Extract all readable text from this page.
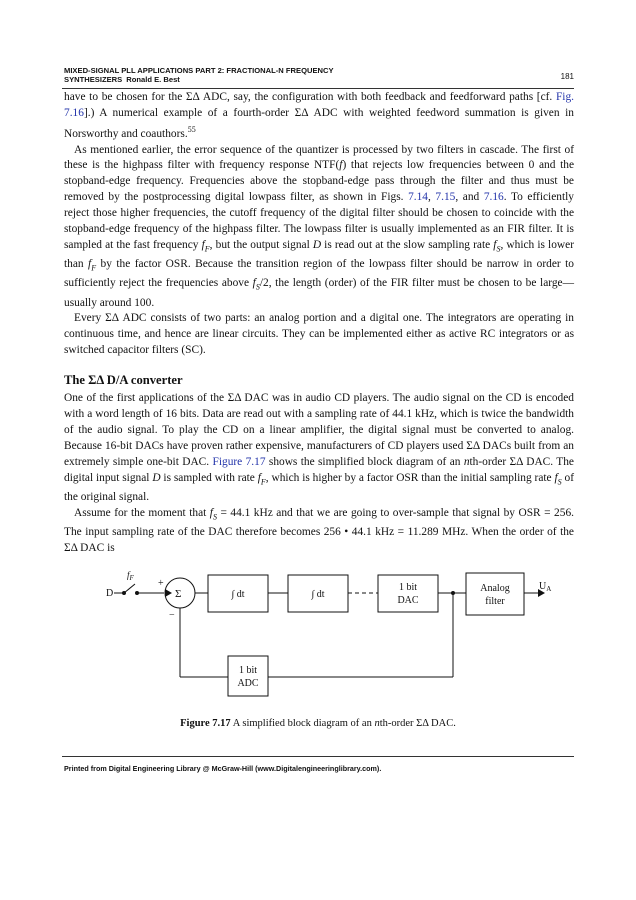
MIXED-SIGNAL PLL APPLICATIONS PART 2: FRACTIONAL-N FREQUENCY
SYNTHESIZERS Ronald E. Best	181

have to be chosen for the ΣΔ ADC, say, the configuration with both feedback and feedforward paths [cf. Fig. 7.16].) A numerical example of a fourth-order ΣΔ ADC with weighted feedword summation is given in Norsworthy and coauthors.$^{55}$

As mentioned earlier, the error sequence of the quantizer is processed by two filters in cascade. The first of these is the highpass filter with frequency response NTF(f) that rejects low frequencies between 0 and the stopband-edge frequency. Frequencies above the stopband-edge pass through the filter and thus must be removed by the postprocessing digital lowpass filter, as shown in Figs. 7.14, 7.15, and 7.16. To efficiently reject those higher frequencies, the cutoff frequency of the digital filter should be chosen to coincide with the stopband-edge frequency of the highpass filter. The lowpass filter is usually implemented as an FIR filter. It is sampled at the fast frequency $f_F$, but the output signal D is read out at the slow sampling rate $f_S$, which is lower than $f_F$ by the factor OSR. Because the transition region of the lowpass filter should be narrow in order to sufficiently reject the frequencies above $f_S/2$, the length (order) of the FIR filter must be chosen to be large—usually around 100.

Every ΣΔ ADC consists of two parts: an analog portion and a digital one. The integrators are operating in continuous time, and hence are linear circuits. They can be implemented either as active RC integrators or as switched capacitor filters (SC).

The ΣΔ D/A converter

One of the first applications of the ΣΔ DAC was in audio CD players. The audio signal on the CD is encoded with a word length of 16 bits. Data are read out with a sampling rate of 44.1 kHz, which is twice the bandwidth of the audio signal. To play the CD on a linear amplifier, the digital signal must be converted to analog. Because 16-bit DACs have proven rather expensive, manufacturers of CD players used ΣΔ DACs built from an extremely simple one-bit DAC. Figure 7.17 shows the simplified block diagram of an nth-order ΣΔ DAC. The digital input signal D is sampled with rate $f_F$, which is higher by a factor OSR than the initial sampling rate $f_S$ of the original signal.

Assume for the moment that $f_S = 44.1$ kHz and that we are going to over-sample that signal by OSR = 256. The input sampling rate of the DAC therefore becomes 256 • 44.1 kHz = 11.289 MHz. When the order of the ΣΔ DAC is

D
$f_F$ +
−
Σ	∫ dt	∫ dt
1 bit
DAC
Analog
filter
$U_A$
1 bit
ADC
Figure 7.17 A simplified block diagram of an nth-order ΣΔ DAC.
Printed from Digital Engineering Library @ McGraw-Hill (www.Digitalengineeringlibrary.com).
